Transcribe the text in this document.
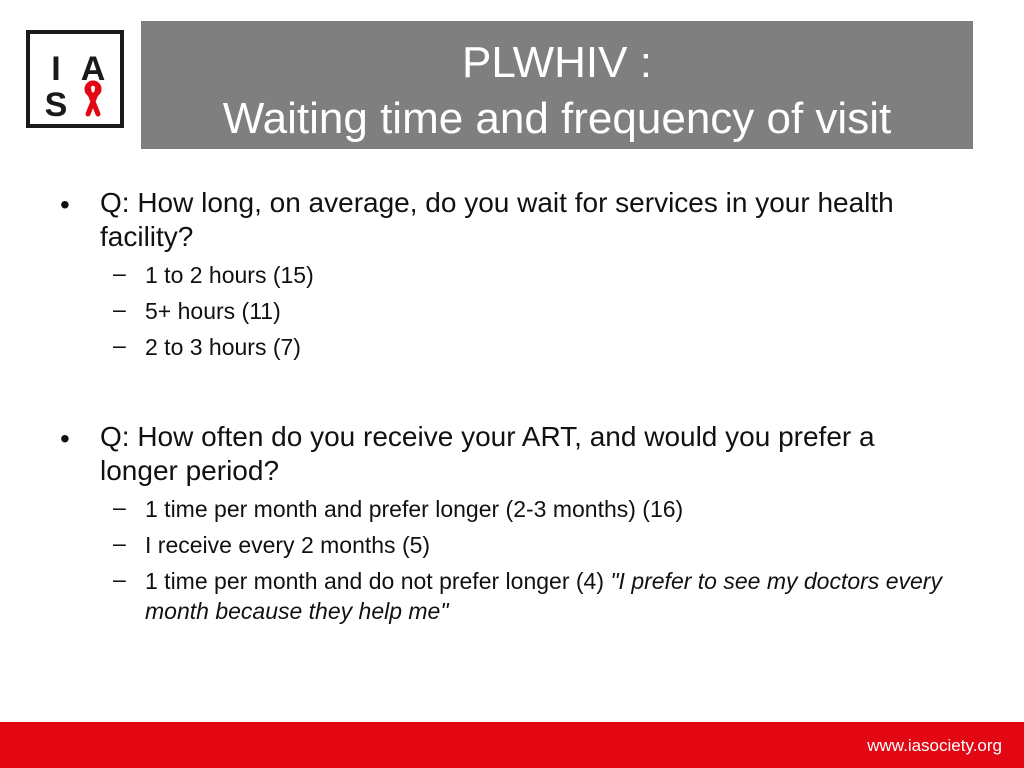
I A
S
PLWHIV :
Waiting time and frequency of visit
• Q: How long, on average, do you wait for services in your health facility?
– 1 to 2 hours (15)
– 5+ hours (11)
– 2 to 3 hours (7)
• Q: How often do you receive your ART, and would you prefer a longer period?
– 1 time per month and prefer longer (2-3 months) (16)
– I receive every 2 months (5)
– 1 time per month and do not prefer longer (4) "I prefer to see my doctors every month because they help me"
www.iasociety.org
